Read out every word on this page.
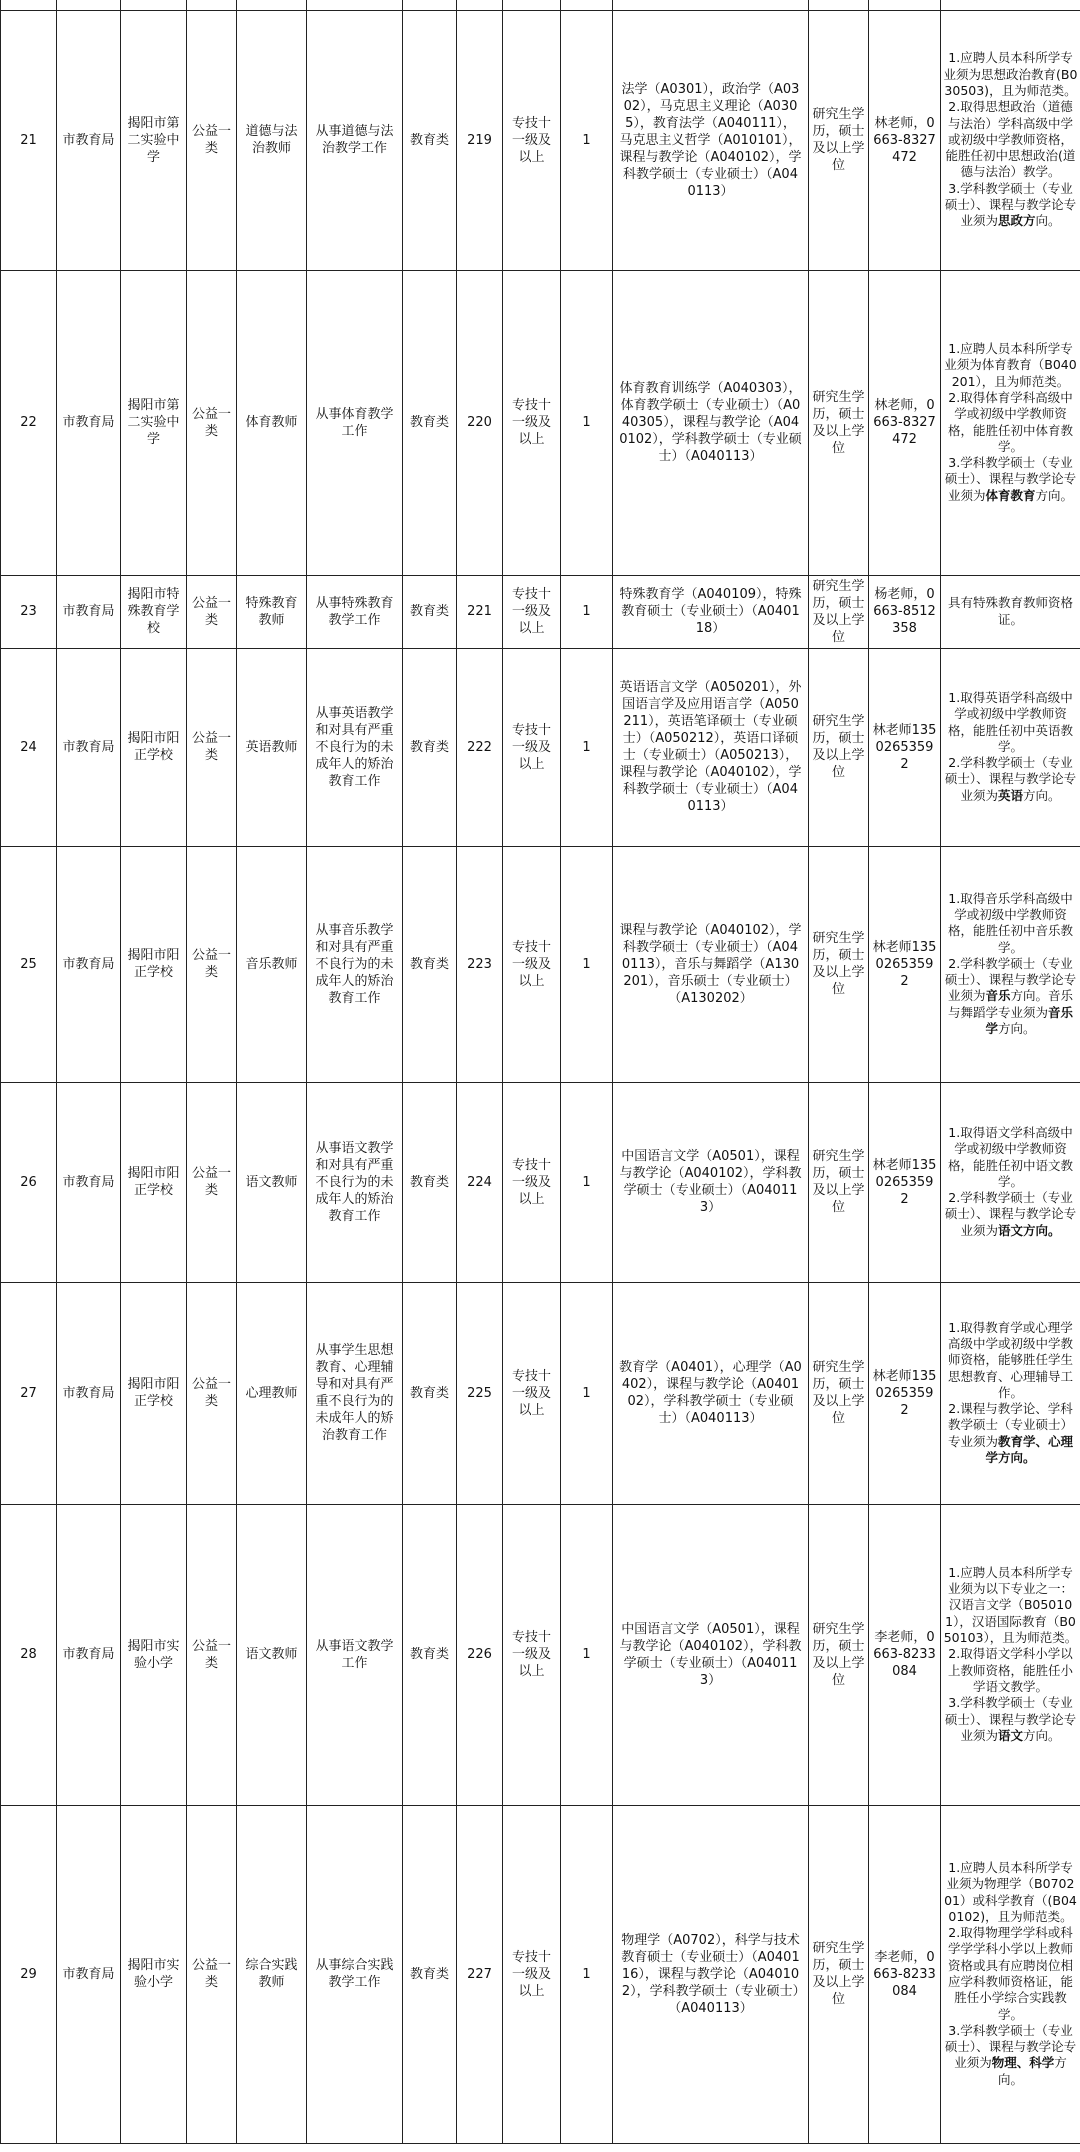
21	市教育局	揭阳市第二实验中学	公益一类	道德与法治教师	从事道德与法治教学工作	教育类	219	专技十一级及以上	1	法学（A0301），政治学（A0302），马克思主义理论（A0305），教育法学（A040111），马克思主义哲学（A010101），课程与教学论（A040102），学科教学硕士（专业硕士）（A040113）	研究生学历，硕士及以上学位	林老师，0663-8327472	1.应聘人员本科所学专业须为思想政治教育(B030503)，且为师范类。
2.取得思想政治（道德与法治）学科高级中学或初级中学教师资格，能胜任初中思想政治(道德与法治）教学。
3.学科教学硕士（专业硕士）、课程与教学论专业须为思政方向。
22	市教育局	揭阳市第二实验中学	公益一类	体育教师	从事体育教学工作	教育类	220	专技十一级及以上	1	体育教育训练学（A040303），体育教学硕士（专业硕士）（A040305），课程与教学论（A040102），学科教学硕士（专业硕士）（A040113）	研究生学历，硕士及以上学位	林老师，0663-8327472	1.应聘人员本科所学专业须为体育教育（B040201），且为师范类。
2.取得体育学科高级中学或初级中学教师资格，能胜任初中体育教学。
3.学科教学硕士（专业硕士）、课程与教学论专业须为体育教育方向。
23	市教育局	揭阳市特殊教育学校	公益一类	特殊教育教师	从事特殊教育教学工作	教育类	221	专技十一级及以上	1	特殊教育学（A040109），特殊教育硕士（专业硕士）（A040118）	研究生学历，硕士及以上学位	杨老师，0663-8512358	具有特殊教育教师资格证。
24	市教育局	揭阳市阳正学校	公益一类	英语教师	从事英语教学和对具有严重不良行为的未成年人的矫治教育工作	教育类	222	专技十一级及以上	1	英语语言文学（A050201），外国语言学及应用语言学（A050211），英语笔译硕士（专业硕士）（A050212），英语口译硕士（专业硕士）（A050213），课程与教学论（A040102），学科教学硕士（专业硕士）（A040113）	研究生学历，硕士及以上学位	林老师13502653592	1.取得英语学科高级中学或初级中学教师资格，能胜任初中英语教学。
2.学科教学硕士（专业硕士）、课程与教学论专业须为英语方向。
25	市教育局	揭阳市阳正学校	公益一类	音乐教师	从事音乐教学和对具有严重不良行为的未成年人的矫治教育工作	教育类	223	专技十一级及以上	1	课程与教学论（A040102），学科教学硕士（专业硕士）（A040113），音乐与舞蹈学（A130201），音乐硕士（专业硕士）（A130202）	研究生学历，硕士及以上学位	林老师13502653592	1.取得音乐学科高级中学或初级中学教师资格，能胜任初中音乐教学。
2.学科教学硕士（专业硕士）、课程与教学论专业须为音乐方向。音乐与舞蹈学专业须为音乐学方向。
26	市教育局	揭阳市阳正学校	公益一类	语文教师	从事语文教学和对具有严重不良行为的未成年人的矫治教育工作	教育类	224	专技十一级及以上	1	中国语言文学（A0501），课程与教学论（A040102），学科教学硕士（专业硕士）（A040113）	研究生学历，硕士及以上学位	林老师13502653592	1.取得语文学科高级中学或初级中学教师资格，能胜任初中语文教学。
2.学科教学硕士（专业硕士）、课程与教学论专业须为语文方向。
27	市教育局	揭阳市阳正学校	公益一类	心理教师	从事学生思想教育、心理辅导和对具有严重不良行为的未成年人的矫治教育工作	教育类	225	专技十一级及以上	1	教育学（A0401），心理学（A0402），课程与教学论（A040102），学科教学硕士（专业硕士）（A040113）	研究生学历，硕士及以上学位	林老师13502653592	1.取得教育学或心理学高级中学或初级中学教师资格，能够胜任学生思想教育、心理辅导工作。
2.课程与教学论、学科教学硕士（专业硕士）专业须为教育学、心理学方向。
28	市教育局	揭阳市实验小学	公益一类	语文教师	从事语文教学工作	教育类	226	专技十一级及以上	1	中国语言文学（A0501），课程与教学论（A040102），学科教学硕士（专业硕士）（A040113）	研究生学历，硕士及以上学位	李老师，0663-8233084	1.应聘人员本科所学专业须为以下专业之一：汉语言文学（B050101），汉语国际教育（B050103），且为师范类。
2.取得语文学科小学以上教师资格，能胜任小学语文教学。
3.学科教学硕士（专业硕士）、课程与教学论专业须为语文方向。
29	市教育局	揭阳市实验小学	公益一类	综合实践教师	从事综合实践教学工作	教育类	227	专技十一级及以上	1	物理学（A0702），科学与技术教育硕士（专业硕士）（A040116），课程与教学论（A040102），学科教学硕士（专业硕士）（A040113）	研究生学历，硕士及以上学位	李老师，0663-8233084	1.应聘人员本科所学专业须为物理学（B070201）或科学教育（(B040102)，且为师范类。
2.取得物理学学科或科学学学科小学以上教师资格或具有应聘岗位相应学科教师资格证，能胜任小学综合实践教学。
3.学科教学硕士（专业硕士）、课程与教学论专业须为物理、科学方向。
